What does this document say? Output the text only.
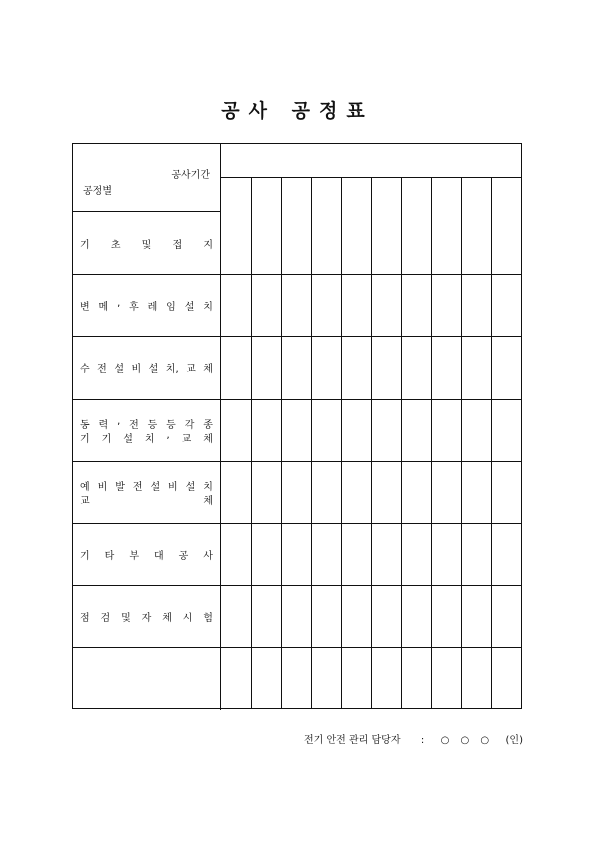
공사 공정표
공사기간
공정별
기 초 및 접 지
변 메 , 후 레 임 설 치
수 전 설 비 설 치, 교 체
동 력 , 전 등 등 각 종
기 기 설 치 , 교 체
예 비 발 전 설 비 설 치
교	체
기 타 부 대 공 사
점 검 및 자 체 시 험
전기 안전 관리 담당자 : ○ ○ ○ (인)
